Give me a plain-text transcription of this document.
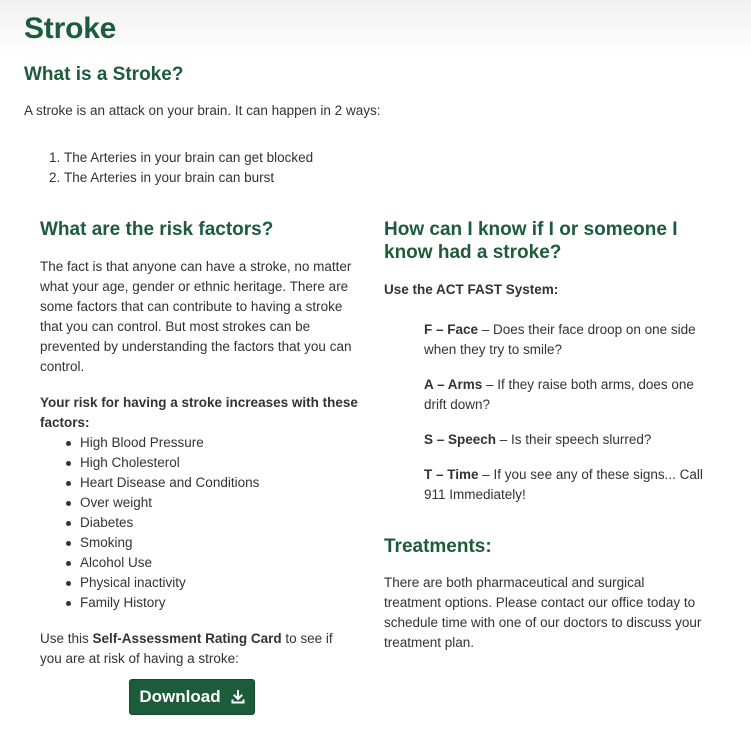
Stroke
What is a Stroke?

A stroke is an attack on your brain. It can happen in 2 ways:

1. The Arteries in your brain can get blocked
2. The Arteries in your brain can burst
What are the risk factors?

The fact is that anyone can have a stroke, no matter what your age, gender or ethnic heritage. There are some factors that can contribute to having a stroke that you can control. But most strokes can be prevented by understanding the factors that you can control.

Your risk for having a stroke increases with these factors:

High Blood Pressure
High Cholesterol
Heart Disease and Conditions
Over weight
Diabetes
Smoking
Alcohol Use
Physical inactivity
Family History

Use this Self-Assessment Rating Card to see if you are at risk of having a stroke:

Download
How can I know if I or someone I know had a stroke?

Use the ACT FAST System:

F – Face – Does their face droop on one side when they try to smile?

A – Arms – If they raise both arms, does one drift down?

S – Speech – Is their speech slurred?

T – Time – If you see any of these signs... Call 911 Immediately!

Treatments:

There are both pharmaceutical and surgical treatment options. Please contact our office today to schedule time with one of our doctors to discuss your treatment plan.
